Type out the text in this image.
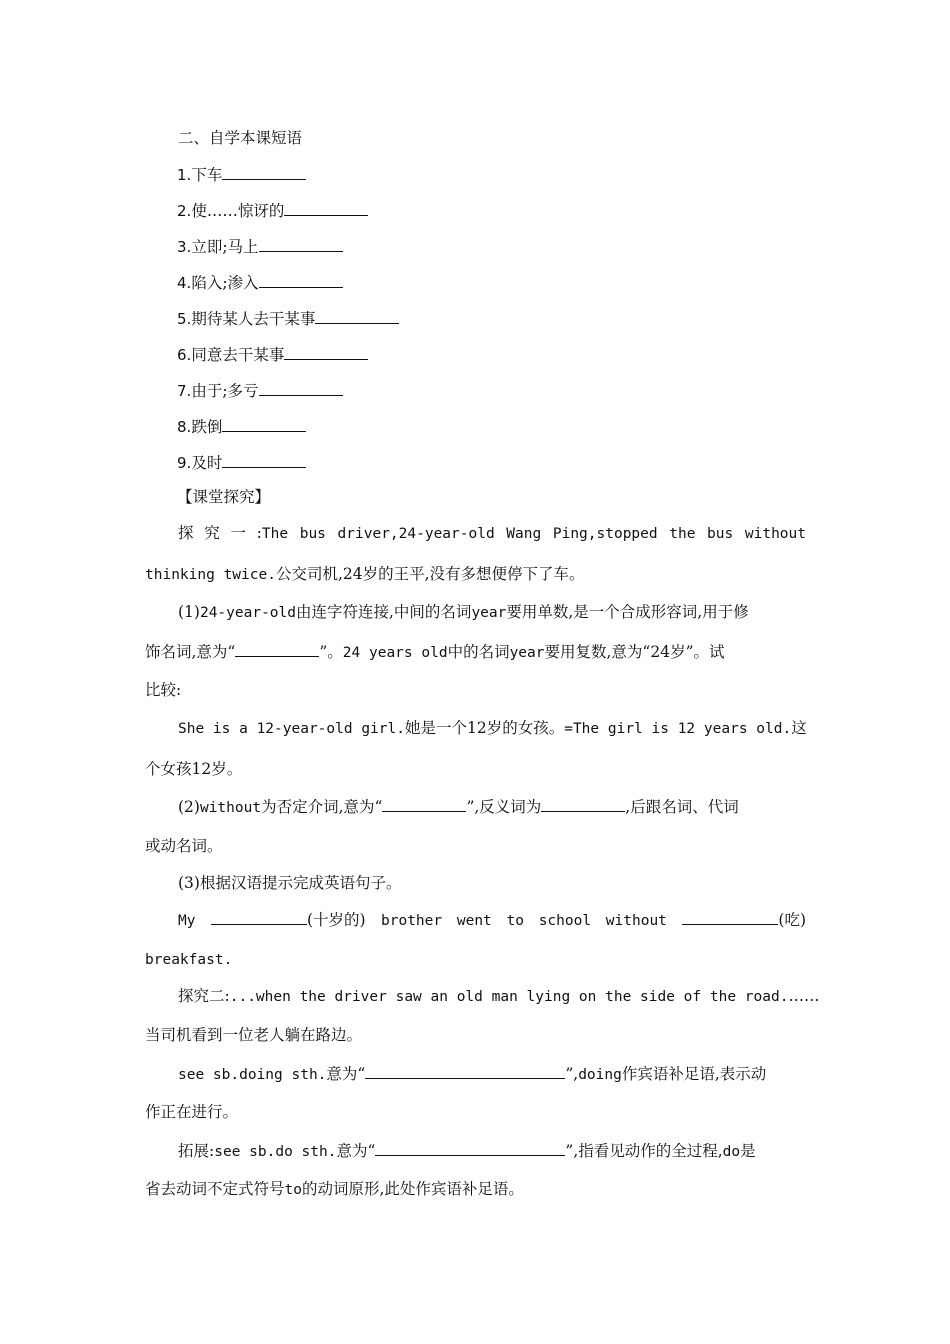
二、自学本课短语
1.下车
2.使……惊讶的
3.立即;马上
4.陷入;渗入
5.期待某人去干某事
6.同意去干某事
7.由于;多亏
8.跌倒
9.及时
【课堂探究】
探 究 一 :The bus driver,24-year-old Wang Ping,stopped the bus without
thinking twice.公交司机,24岁的王平,没有多想便停下了车。
(1)24-year-old由连字符连接,中间的名词year要用单数,是一个合成形容词,用于修
饰名词,意为“	”。24 years old中的名词year要用复数,意为“24岁”。试
比较:
She is a 12-year-old girl.她是一个12岁的女孩。=The girl is 12 years old.这
个女孩12岁。
(2)without为否定介词,意为“	”,反义词为	,后跟名词、代词
或动名词。
(3)根据汉语提示完成英语句子。
My	(十岁的) brother went to school without	(吃)
breakfast.
探究二:...when the driver saw an old man lying on the side of the road.……
当司机看到一位老人躺在路边。
see sb.doing sth.意为“	”,doing作宾语补足语,表示动
作正在进行。
拓展:see sb.do sth.意为“	”,指看见动作的全过程,do是
省去动词不定式符号to的动词原形,此处作宾语补足语。
